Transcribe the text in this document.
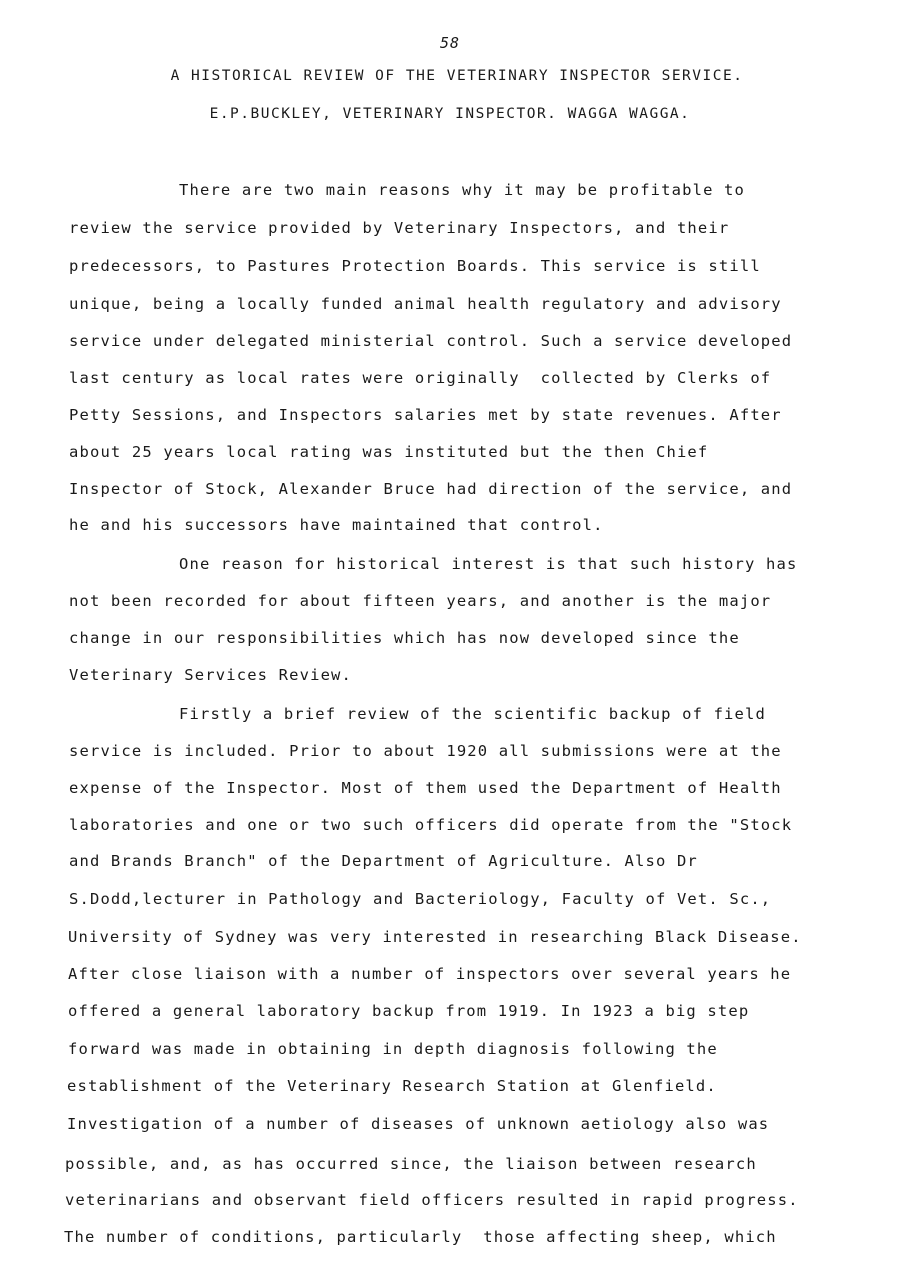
58
A HISTORICAL REVIEW OF THE VETERINARY INSPECTOR SERVICE.
E.P.BUCKLEY, VETERINARY INSPECTOR. WAGGA WAGGA.
There are two main reasons why it may be profitable to
review the service provided by Veterinary Inspectors, and their
predecessors, to Pastures Protection Boards. This service is still
unique, being a locally funded animal health regulatory and advisory
service under delegated ministerial control. Such a service developed
last century as local rates were originally  collected by Clerks of
Petty Sessions, and Inspectors salaries met by state revenues. After
about 25 years local rating was instituted but the then Chief
Inspector of Stock, Alexander Bruce had direction of the service, and
he and his successors have maintained that control.
One reason for historical interest is that such history has
not been recorded for about fifteen years, and another is the major
change in our responsibilities which has now developed since the
Veterinary Services Review.
Firstly a brief review of the scientific backup of field
service is included. Prior to about 1920 all submissions were at the
expense of the Inspector. Most of them used the Department of Health
laboratories and one or two such officers did operate from the "Stock
and Brands Branch" of the Department of Agriculture. Also Dr
S.Dodd,lecturer in Pathology and Bacteriology, Faculty of Vet. Sc.,
University of Sydney was very interested in researching Black Disease.
After close liaison with a number of inspectors over several years he
offered a general laboratory backup from 1919. In 1923 a big step
forward was made in obtaining in depth diagnosis following the
establishment of the Veterinary Research Station at Glenfield.
Investigation of a number of diseases of unknown aetiology also was
possible, and, as has occurred since, the liaison between research
veterinarians and observant field officers resulted in rapid progress.
The number of conditions, particularly  those affecting sheep, which
